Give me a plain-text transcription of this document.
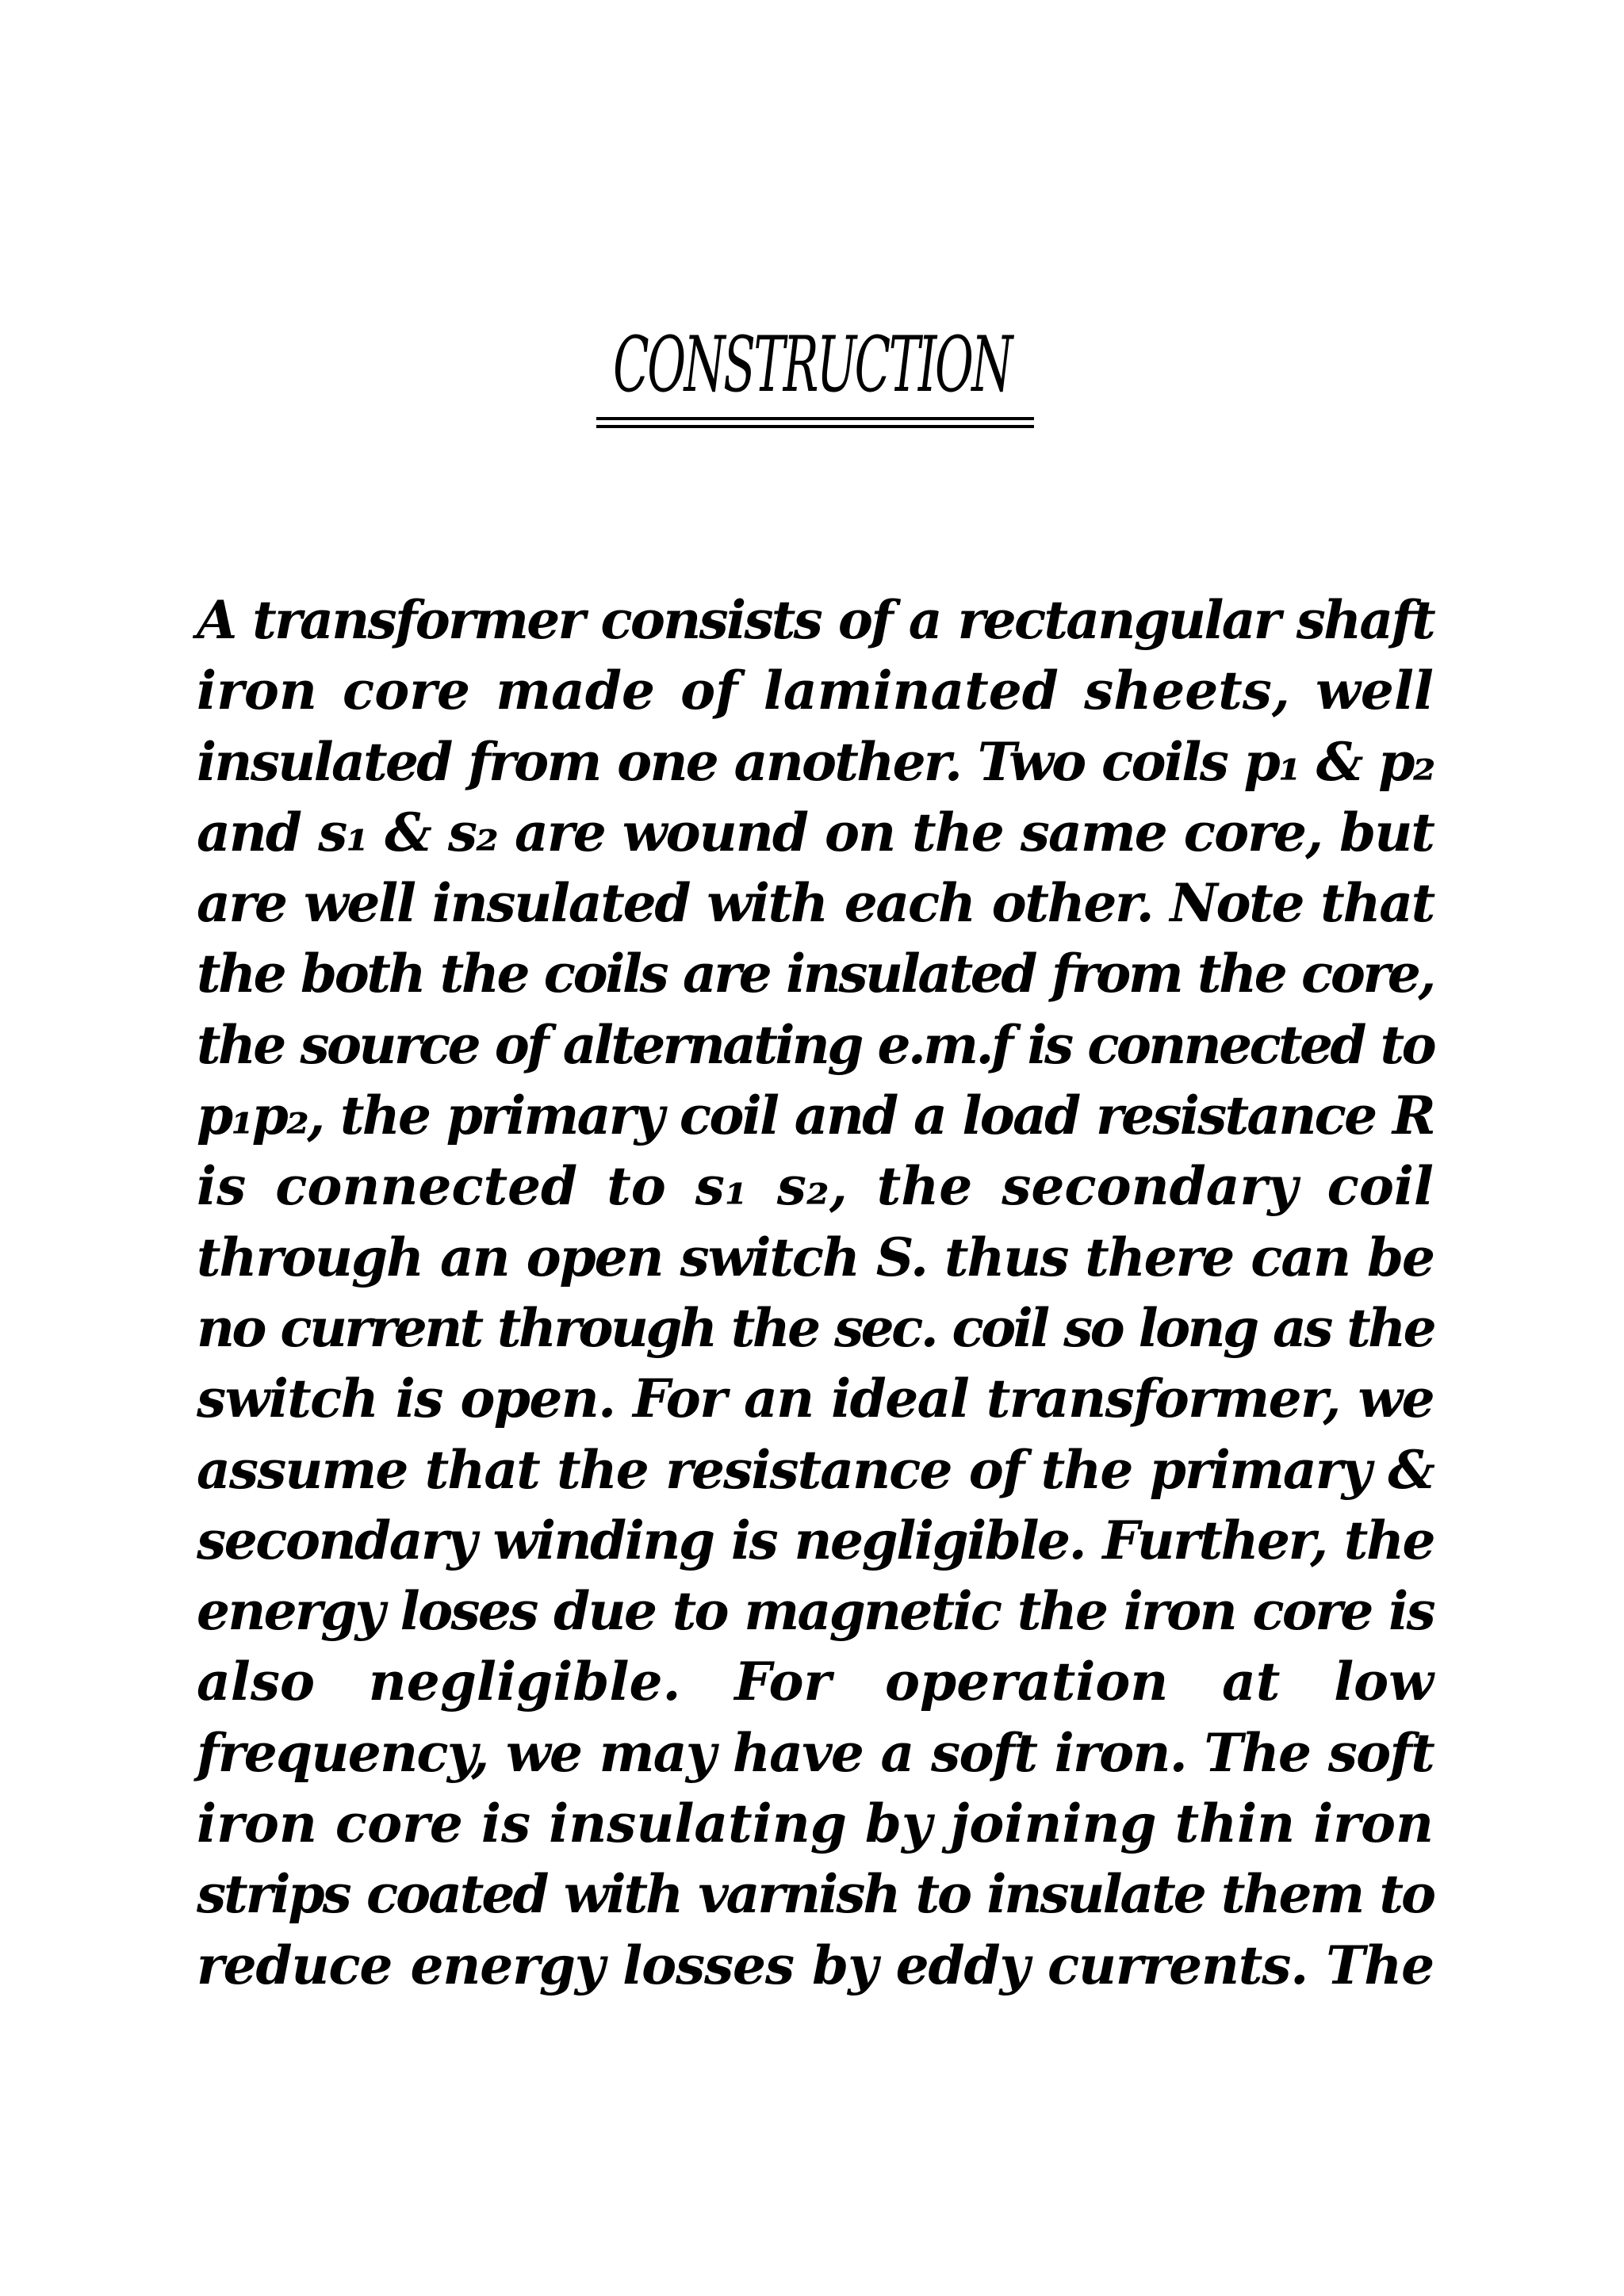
CONSTRUCTION
A transformer consists of a rectangular shaft
iron core made of laminated sheets, well
insulated from one another. Two coils p₁ & p₂
and s₁ & s₂ are wound on the same core, but
are well insulated with each other. Note that
the both the coils are insulated from the core,
the source of alternating e.m.f is connected to
p₁p₂, the primary coil and a load resistance R
is connected to s₁ s₂, the secondary coil
through an open switch S. thus there can be
no current through the sec. coil so long as the
switch is open. For an ideal transformer, we
assume that the resistance of the primary &
secondary winding is negligible. Further, the
energy loses due to magnetic the iron core is
also negligible. For operation at low
frequency, we may have a soft iron. The soft
iron core is insulating by joining thin iron
strips coated with varnish to insulate them to
reduce energy losses by eddy currents. The
